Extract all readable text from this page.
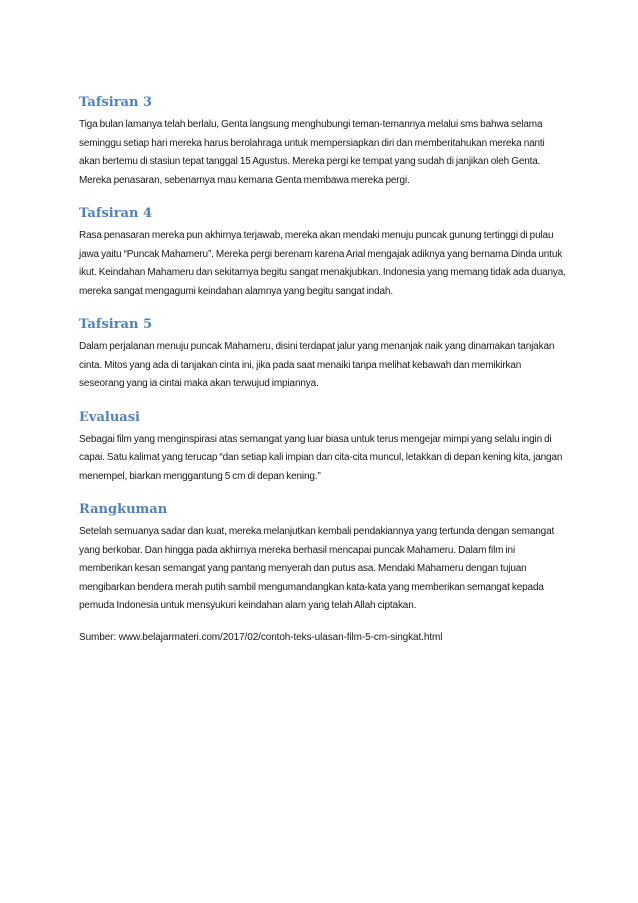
Tafsiran 3

Tiga bulan lamanya telah berlalu, Genta langsung menghubungi teman-temannya melalui sms bahwa selama seminggu setiap hari mereka harus berolahraga untuk mempersiapkan diri dan memberitahukan mereka nanti akan bertemu di stasiun tepat tanggal 15 Agustus. Mereka pergi ke tempat yang sudah di janjikan oleh Genta. Mereka penasaran, sebenarnya mau kemana Genta membawa mereka pergi.

Tafsiran 4

Rasa penasaran mereka pun akhirnya terjawab, mereka akan mendaki menuju puncak gunung tertinggi di pulau jawa yaitu “Puncak Mahameru”. Mereka pergi berenam karena Arial mengajak adiknya yang bernama Dinda untuk ikut. Keindahan Mahameru dan sekitarnya begitu sangat menakjubkan. Indonesia yang memang tidak ada duanya, mereka sangat mengagumi keindahan alamnya yang begitu sangat indah.

Tafsiran 5

Dalam perjalanan menuju puncak Mahameru, disini terdapat jalur yang menanjak naik yang dinamakan tanjakan cinta. Mitos yang ada di tanjakan cinta ini, jika pada saat menaiki tanpa melihat kebawah dan memikirkan seseorang yang ia cintai maka akan terwujud impiannya.

Evaluasi

Sebagai film yang menginspirasi atas semangat yang luar biasa untuk terus mengejar mimpi yang selalu ingin di capai. Satu kalimat yang terucap “dan setiap kali impian dan cita-cita muncul, letakkan di depan kening kita, jangan menempel, biarkan menggantung 5 cm di depan kening.”

Rangkuman

Setelah semuanya sadar dan kuat, mereka melanjutkan kembali pendakiannya yang tertunda dengan semangat yang berkobar. Dan hingga pada akhirnya mereka berhasil mencapai puncak Mahameru. Dalam film ini memberikan kesan semangat yang pantang menyerah dan putus asa. Mendaki Mahameru dengan tujuan mengibarkan bendera merah putih sambil mengumandangkan kata-kata yang memberikan semangat kepada pemuda Indonesia untuk mensyukuri keindahan alam yang telah Allah ciptakan.

Sumber: www.belajarmateri.com/2017/02/contoh-teks-ulasan-film-5-cm-singkat.html
